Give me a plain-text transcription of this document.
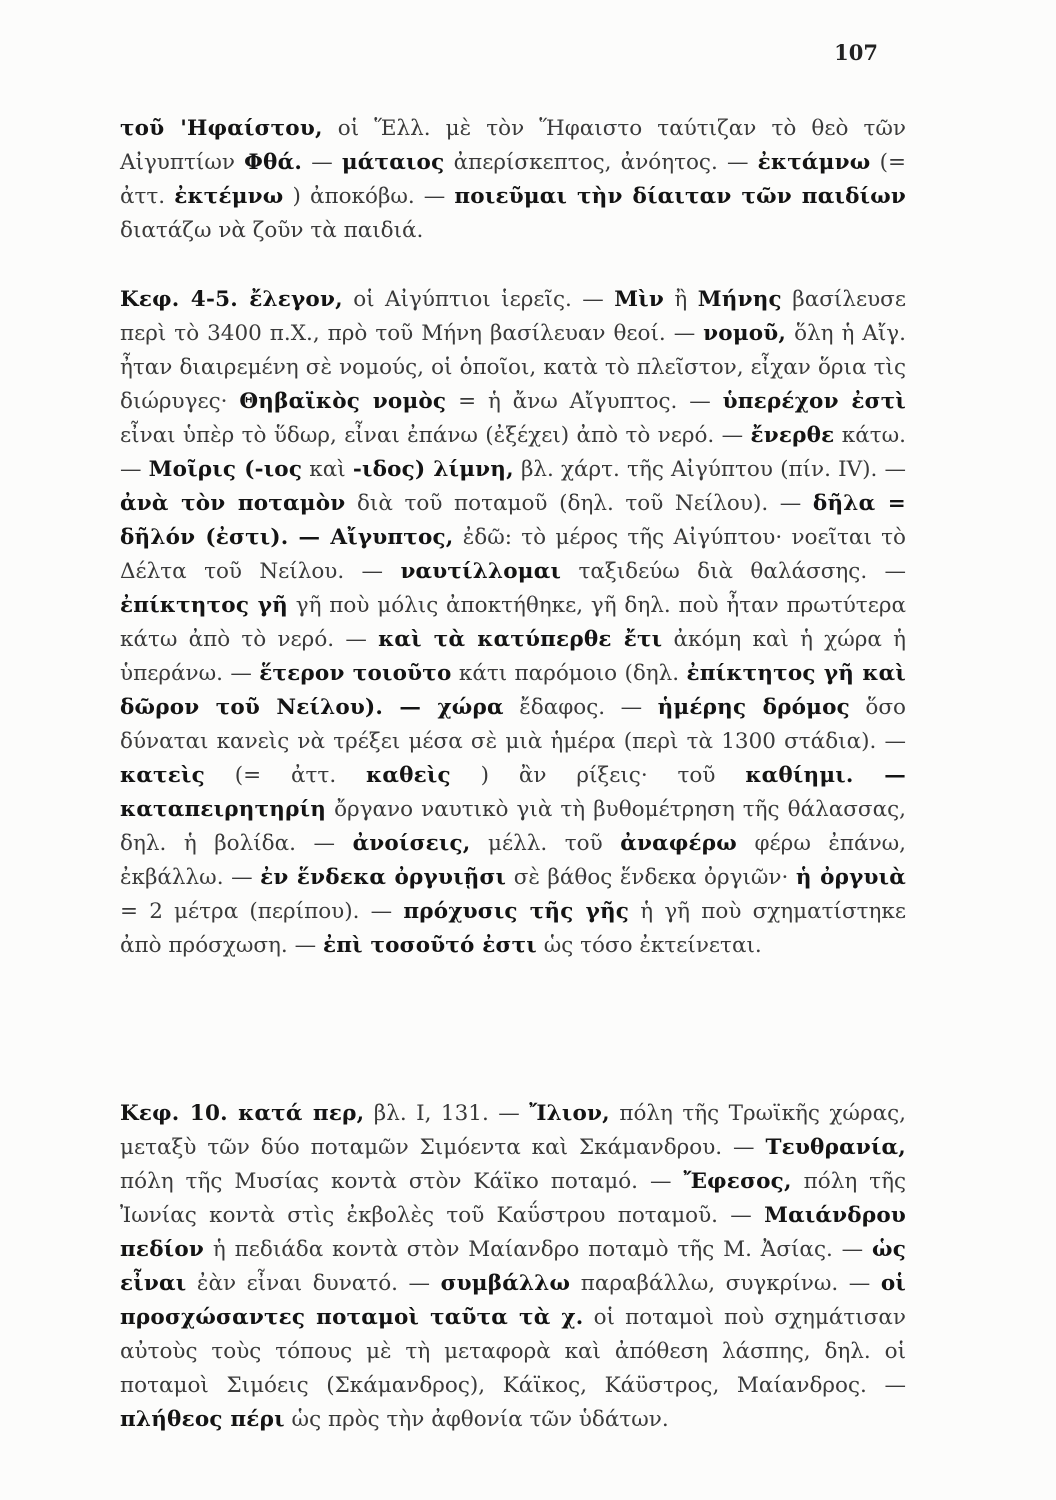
107
τοῦ 'Ηφαίστου, οἱ Ἕλλ. μὲ τὸν Ἥφαιστο ταύτιζαν τὸ θεὸ τῶν Αἰγυπτίων Φθά. — μάταιος ἀπερίσκεπτος, ἀνόητος. — ἐκτάμνω (= ἀττ. ἐκτέμνω ) ἀποκόβω. — ποιεῦμαι τὴν δίαιταν τῶν παιδίων διατάζω νὰ ζοῦν τὰ παιδιά.
Κεφ. 4-5. ἔλεγον, οἱ Αἰγύπτιοι ἱερεῖς. — Μὶν ἢ Μήνης βασίλευσε περὶ τὸ 3400 π.Χ., πρὸ τοῦ Μήνη βασίλευαν θεοί. — νομοῦ, ὅλη ἡ Αἴγ. ἦταν διαιρεμένη σὲ νομούς, οἱ ὁποῖοι, κατὰ τὸ πλεῖστον, εἶχαν ὅρια τὶς διώρυγες· Θηβαϊκὸς νομὸς = ἡ ἄνω Αἴγυπτος. — ὑπερέχον ἐστὶ εἶναι ὑπὲρ τὸ ὕδωρ, εἶναι ἐπάνω (ἐξέχει) ἀπὸ τὸ νερό. — ἔνερθε κάτω. — Μοῖρις (-ιος καὶ -ιδος) λίμνη, βλ. χάρτ. τῆς Αἰγύπτου (πίν. IV). — ἀνὰ τὸν ποταμὸν διὰ τοῦ ποταμοῦ (δηλ. τοῦ Νείλου). — δῆλα = δῆλόν (ἐστι). — Αἴγυπτος, ἐδῶ: τὸ μέρος τῆς Αἰγύπτου· νοεῖται τὸ Δέλτα τοῦ Νείλου. — ναυτίλλομαι ταξιδεύω διὰ θαλάσσης. — ἐπίκτητος γῆ γῆ ποὺ μόλις ἀποκτήθηκε, γῆ δηλ. ποὺ ἦταν πρωτύτερα κάτω ἀπὸ τὸ νερό. — καὶ τὰ κατύπερθε ἔτι ἀκόμη καὶ ἡ χώρα ἡ ὑπεράνω. — ἕτερον τοιοῦτο κάτι παρόμοιο (δηλ. ἐπίκτητος γῆ καὶ δῶρον τοῦ Νείλου). — χώρα ἔδαφος. — ἡμέρης δρόμος ὅσο δύναται κανεὶς νὰ τρέξει μέσα σὲ μιὰ ἡμέρα (περὶ τὰ 1300 στάδια). — κατεὶς (= ἀττ. καθεὶς ) ἂν ρίξεις· τοῦ καθίημι. — καταπειρητηρίη ὄργανο ναυτικὸ γιὰ τὴ βυθομέτρηση τῆς θάλασσας, δηλ. ἡ βολίδα. — ἀνοίσεις, μέλλ. τοῦ ἀναφέρω φέρω ἐπάνω, ἐκβάλλω. — ἐν ἕνδεκα ὀργυιῇσι σὲ βάθος ἕνδεκα ὀργιῶν· ἡ ὀργυιὰ = 2 μέτρα (περίπου). — πρόχυσις τῆς γῆς ἡ γῆ ποὺ σχηματίστηκε ἀπὸ πρόσχωση. — ἐπὶ τοσοῦτό ἐστι ὡς τόσο ἐκτείνεται.
Κεφ. 10. κατά περ, βλ. I, 131. — Ἴλιον, πόλη τῆς Τρωϊκῆς χώρας, μεταξὺ τῶν δύο ποταμῶν Σιμόεντα καὶ Σκάμανδρου. — Τευθρανία, πόλη τῆς Μυσίας κοντὰ στὸν Κάϊκο ποταμό. — Ἔφεσος, πόλη τῆς Ἰωνίας κοντὰ στὶς ἐκβολὲς τοῦ Καΰστρου ποταμοῦ. — Μαιάνδρου πεδίον ἡ πεδιάδα κοντὰ στὸν Μαίανδρο ποταμὸ τῆς Μ. Ἀσίας. — ὡς εἶναι ἐὰν εἶναι δυνατό. — συμβάλλω παραβάλλω, συγκρίνω. — οἱ προσχώσαντες ποταμοὶ ταῦτα τὰ χ. οἱ ποταμοὶ ποὺ σχημάτισαν αὐτοὺς τοὺς τόπους μὲ τὴ μεταφορὰ καὶ ἀπόθεση λάσπης, δηλ. οἱ ποταμοὶ Σιμόεις (Σκάμανδρος), Κάϊκος, Κάϋστρος, Μαίανδρος. — πλήθεος πέρι ὡς πρὸς τὴν ἀφθονία τῶν ὑδάτων.
